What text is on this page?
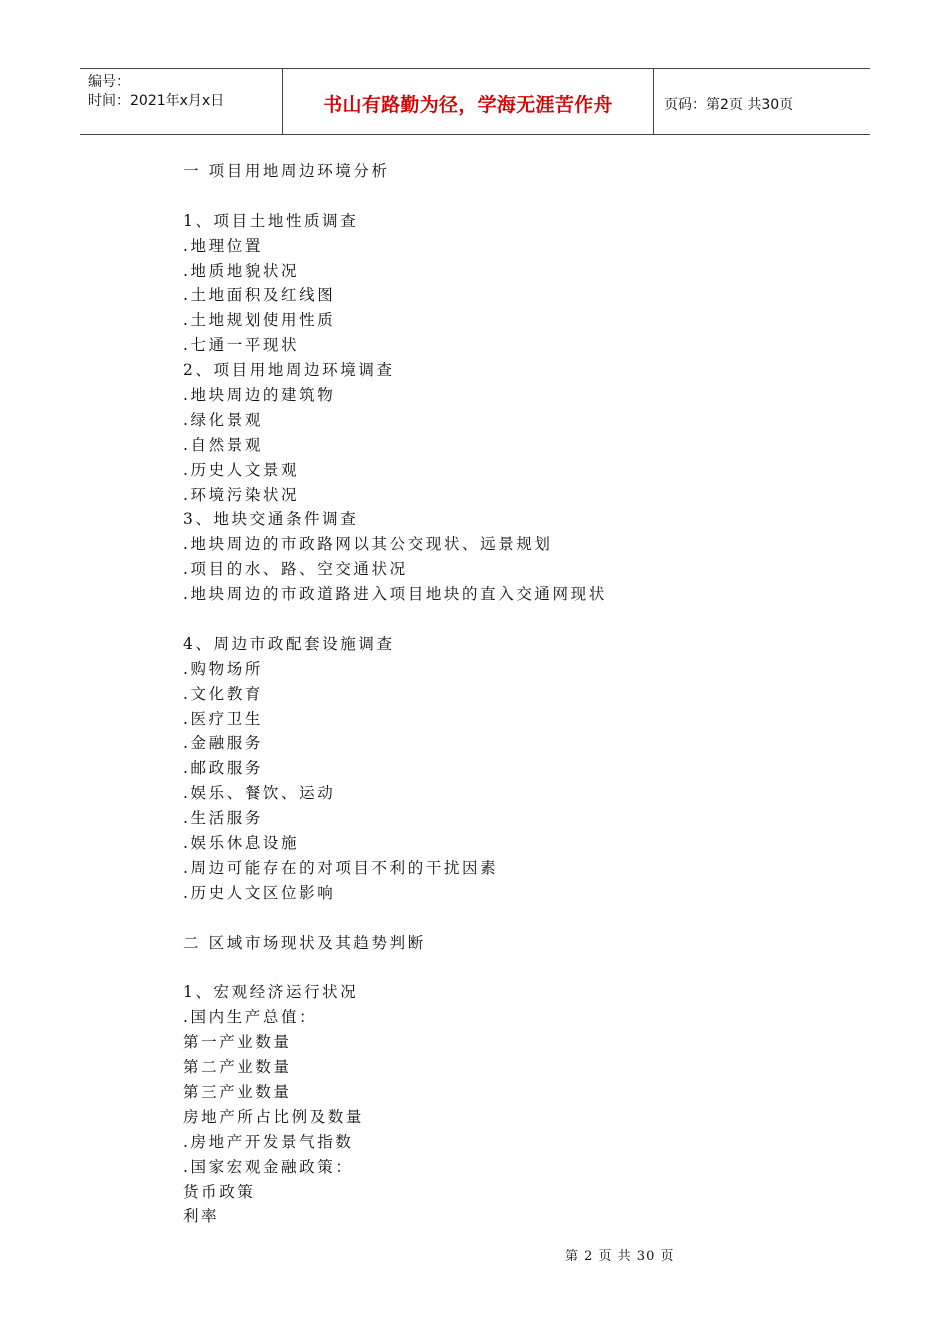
编号：
时间：2021年x月x日	书山有路勤为径，学海无涯苦作舟	页码：第2页 共30页
一 项目用地周边环境分析
1、项目土地性质调查
.地理位置
.地质地貌状况
.土地面积及红线图
.土地规划使用性质
.七通一平现状
2、项目用地周边环境调查
.地块周边的建筑物
.绿化景观
.自然景观
.历史人文景观
.环境污染状况
3、地块交通条件调查
.地块周边的市政路网以其公交现状、远景规划
.项目的水、路、空交通状况
.地块周边的市政道路进入项目地块的直入交通网现状
4、周边市政配套设施调查
.购物场所
.文化教育
.医疗卫生
.金融服务
.邮政服务
.娱乐、餐饮、运动
.生活服务
.娱乐休息设施
.周边可能存在的对项目不利的干扰因素
.历史人文区位影响
二 区域市场现状及其趋势判断
1、宏观经济运行状况
.国内生产总值：
第一产业数量
第二产业数量
第三产业数量
房地产所占比例及数量
.房地产开发景气指数
.国家宏观金融政策：
货币政策
利率
第 2 页 共 30 页
